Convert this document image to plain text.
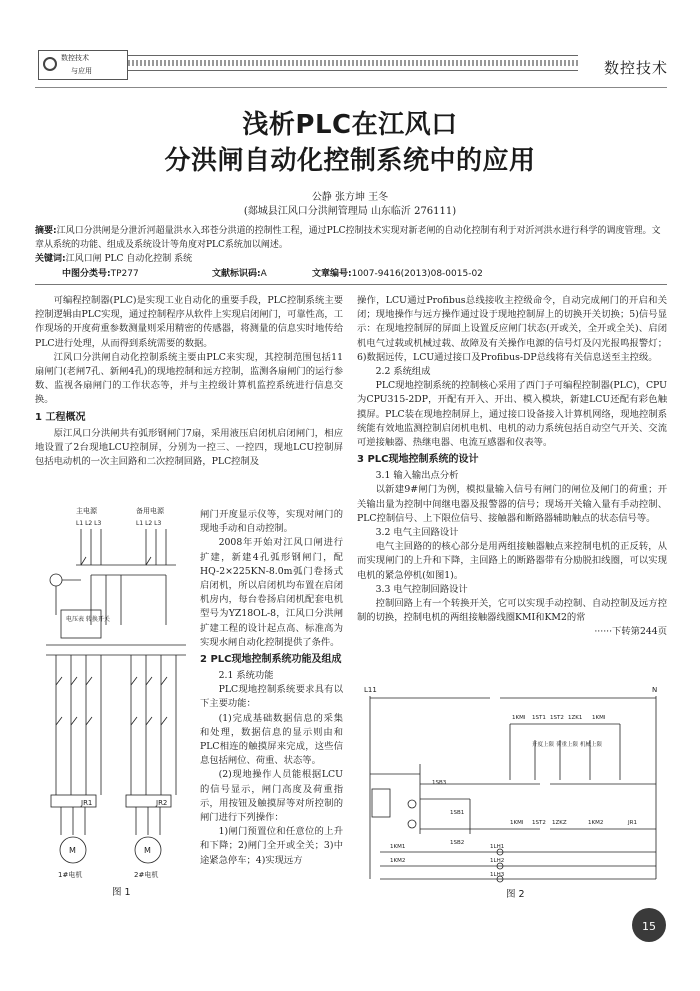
数控技术
与应用	数控技术
浅析PLC在江风口
分洪闸自动化控制系统中的应用
公静 张方坤 王冬
(郯城县江风口分洪闸管理局 山东临沂 276111)
摘要:江风口分洪闸是分泄沂河超量洪水入邳苍分洪道的控制性工程，通过PLC控制技术实现对新老闸的自动化控制有利于对沂河洪水进行科学的调度管理。文章从系统的功能、组成及系统设计等角度对PLC系统加以阐述。
关键词:江风口闸 PLC 自动化控制 系统
中图分类号:TP277	文献标识码:A	文章编号:1007-9416(2013)08-0015-02

可编程控制器(PLC)是实现工业自动化的重要手段，PLC控制系统主要控制逻辑由PLC实现，通过控制程序从软件上实现启闭闸门，可靠性高，工作现场的开度荷重参数测量则采用精密的传感器，将测量的信息实时地传给PLC进行处理，从而得到系统需要的数据。

江风口分洪闸自动化控制系统主要由PLC来实现，其控制范围包括11扇闸门(老闸7孔、新闸4孔)的现地控制和远方控制，监测各扇闸门的运行参数、监视各扇闸门的工作状态等，并与主控级计算机监控系统进行信息交换。

1 工程概况

原江风口分洪闸共有弧形钢闸门7扇，采用液压启闭机启闭闸门，相应地设置了2台现地LCU控制屏，分别为一控三、一控四，现地LCU控制屏包括电动机的一次主回路和二次控制回路，PLC控制及

闸门开度显示仪等，实现对闸门的现地手动和自动控制。

2008年开始对江风口闸进行扩建，新建4孔弧形钢闸门，配HQ-2×225KN-8.0m弧门卷扬式启闭机，所以启闭机均布置在启闭机房内，每台卷扬启闭机配套电机型号为YZ18OL-8，江风口分洪闸扩建工程的设计起点高、标准高为实现水闸自动化控制提供了条件。

2 PLC现地控制系统功能及组成
2.1 系统功能

PLC现地控制系统要求具有以下主要功能：

(1)完成基础数据信息的采集和处理，数据信息的显示则由和PLC相连的触摸屏来完成，这些信息包括闸位、荷重、状态等。

(2)现地操作人员能根据LCU的信号显示，闸门高度及荷重指示，用按钮及触摸屏等对所控制的闸门进行下列操作：

1)闸门预置位和任意位的上升和下降；2)闸门全开或全关；3)中途紧急停车；4)实现远方

主电源	备用电源
L1 L2 L3	L1 L2 L3
电压表 转换开关
JR1	JR2
M	M
1#电机	2#电机
图 1

操作，LCU通过Profibus总线接收主控级命令，自动完成闸门的开启和关闭；现地操作与远方操作通过设于现地控制屏上的切换开关切换；5)信号显示：在现地控制屏的屏面上设置反应闸门状态(开或关，全开或全关)、启闭机电气过载或机械过载、故障及有关操作电源的信号灯及闪光报鸣报警灯；6)数据远传，LCU通过接口及Profibus-DP总线将有关信息送至主控级。

2.2 系统组成

PLC现地控制系统的控制核心采用了西门子可编程控制器(PLC)，CPU为CPU315-2DP，开配有开入、开出、模入模块，新建LCU还配有彩色触摸屏。PLC装在现地控制屏上，通过接口设备接入计算机网络，现地控制系统能有效地监测控制启闭机电机、电机的动力系统包括自动空气开关、交流可逆接触器、热继电器、电流互感器和仪表等。

3 PLC现地控制系统的设计
3.1 输入输出点分析

以新建9#闸门为例，模拟量输入信号有闸门的闸位及闸门的荷重；开关输出量为控制中间继电器及报警器的信号；现场开关输入量有手动控制、PLC控制信号、上下限位信号、接触器和断路器辅助触点的状态信号等。

3.2 电气主回路设计

电气主回路的的核心部分是用两组接触器触点来控制电机的正反转，从而实现闸门的上升和下降，主回路上的断路器带有分励脱扣线圈，可以实现电机的紧急停机(如图1)。

3.3 电气控制回路设计

控制回路上有一个转换开关，它可以实现手动控制、自动控制及远方控制的切换，控制电机的两组接触器线圈KMI和KM2的常

······下转第244页
L11	N
1KMI 1ST1 1ST2 1ZK1 1KMI
开度上限 荷重上限 机械上限
1KMI 1ST2 1ZKZ	1KM2	JR1
1SB3
1SB1
1SB2
1LH1
1LH2
1LH3
1KM1
1KM2
图 2
15
